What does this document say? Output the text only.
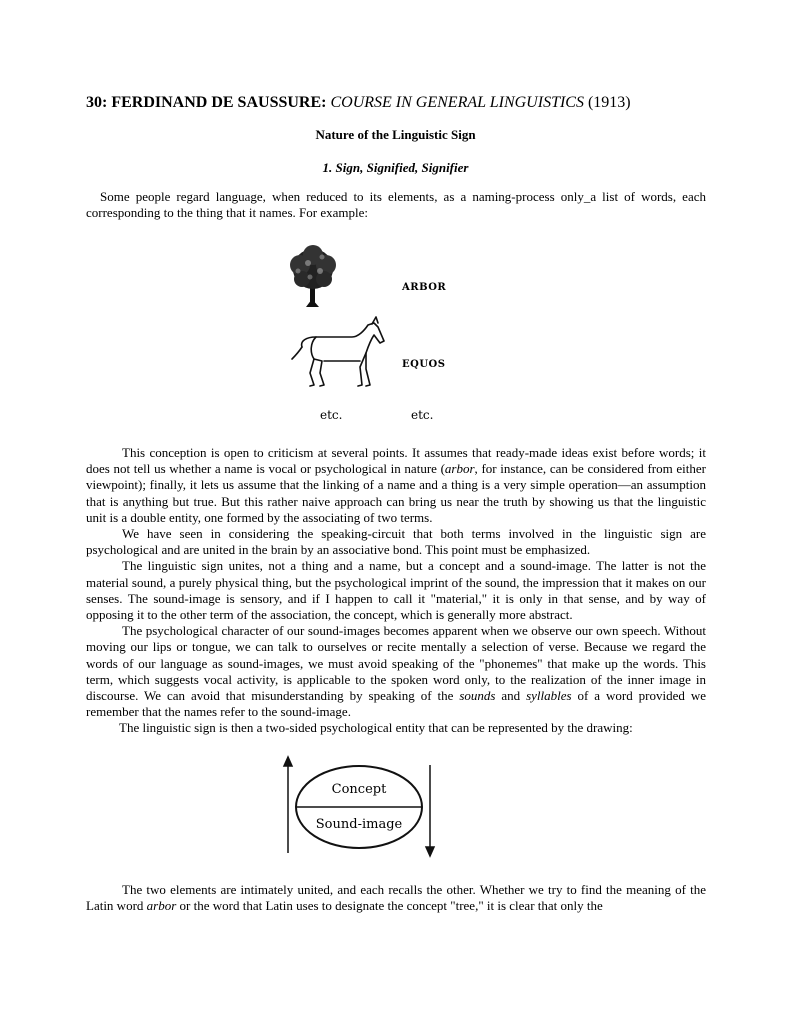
30: FERDINAND DE SAUSSURE: COURSE IN GENERAL LINGUISTICS (1913)
Nature of the Linguistic Sign
1. Sign, Signified, Signifier

Some people regard language, when reduced to its elements, as a naming-process only_a list of words, each corresponding to the thing that it names. For example:

ARBOR
EQUOS
etc.	etc.

This conception is open to criticism at several points. It assumes that ready-made ideas exist before words; it does not tell us whether a name is vocal or psychological in nature (arbor, for instance, can be considered from either viewpoint); finally, it lets us assume that the linking of a name and a thing is a very simple operation—an assumption that is anything but true. But this rather naive approach can bring us near the truth by showing us that the linguistic unit is a double entity, one formed by the associating of two terms.

We have seen in considering the speaking-circuit that both terms involved in the linguistic sign are psychological and are united in the brain by an associative bond. This point must be emphasized.

The linguistic sign unites, not a thing and a name, but a concept and a sound-image. The latter is not the material sound, a purely physical thing, but the psychological imprint of the sound, the impression that it makes on our senses. The sound-image is sensory, and if I happen to call it "material," it is only in that sense, and by way of opposing it to the other term of the association, the concept, which is generally more abstract.

The psychological character of our sound-images becomes apparent when we observe our own speech. Without moving our lips or tongue, we can talk to ourselves or recite mentally a selection of verse. Because we regard the words of our language as sound-images, we must avoid speaking of the "phonemes" that make up the words. This term, which suggests vocal activity, is applicable to the spoken word only, to the realization of the inner image in discourse. We can avoid that misunderstanding by speaking of the sounds and syllables of a word provided we remember that the names refer to the sound-image.

The linguistic sign is then a two-sided psychological entity that can be represented by the drawing:

Concept
Sound-image

The two elements are intimately united, and each recalls the other. Whether we try to find the meaning of the Latin word arbor or the word that Latin uses to designate the concept "tree," it is clear that only the
